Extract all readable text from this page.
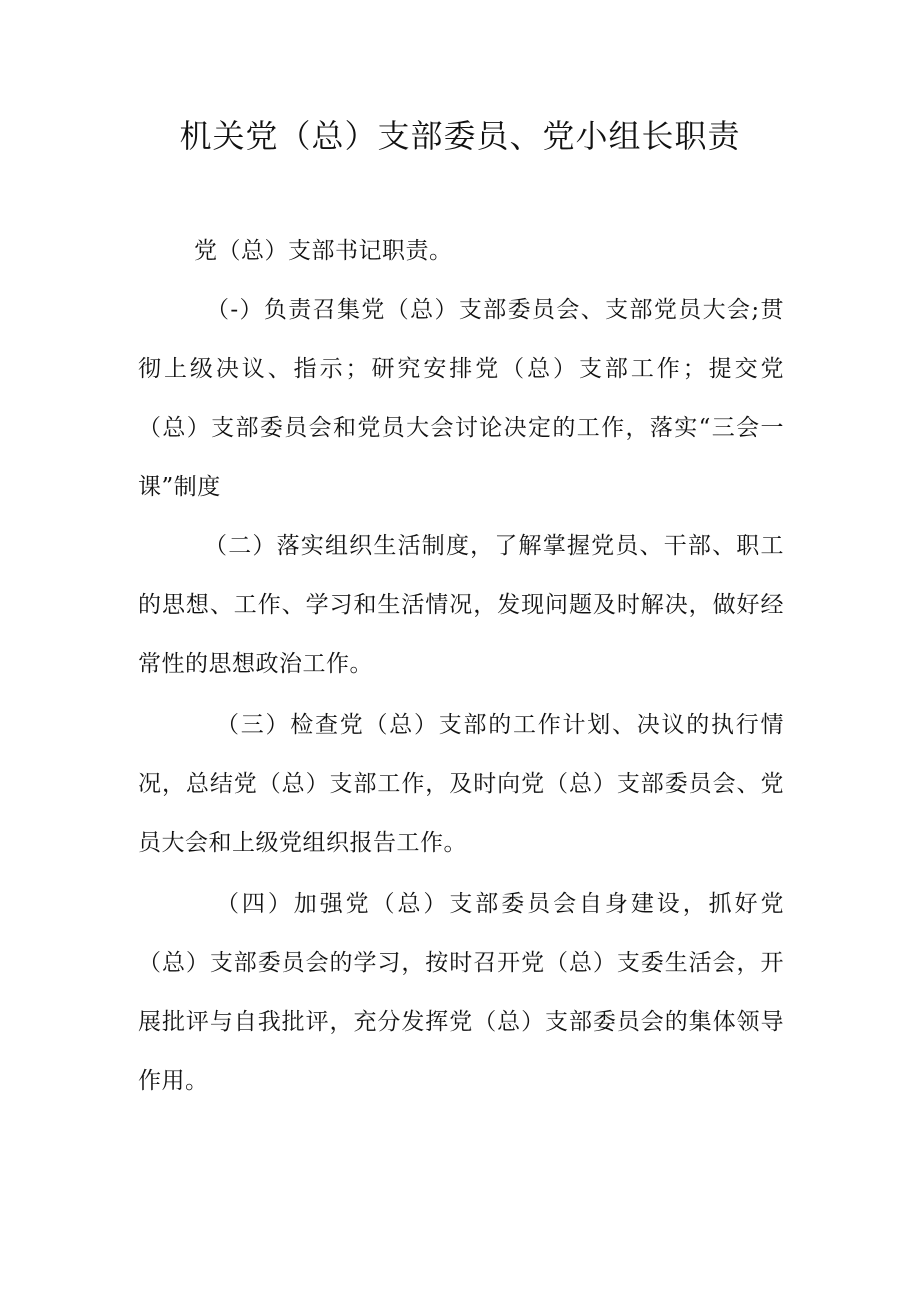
机关党（总）支部委员、党小组长职责

党（总）支部书记职责。

（-）负责召集党（总）支部委员会、支部党员大会;贯彻上级决议、指示；研究安排党（总）支部工作；提交党（总）支部委员会和党员大会讨论决定的工作，落实“三会一课”制度

（二）落实组织生活制度，了解掌握党员、干部、职工的思想、工作、学习和生活情况，发现问题及时解决，做好经常性的思想政治工作。

（三）检查党（总）支部的工作计划、决议的执行情况，总结党（总）支部工作，及时向党（总）支部委员会、党员大会和上级党组织报告工作。

（四）加强党（总）支部委员会自身建设，抓好党（总）支部委员会的学习，按时召开党（总）支委生活会，开展批评与自我批评，充分发挥党（总）支部委员会的集体领导作用。
